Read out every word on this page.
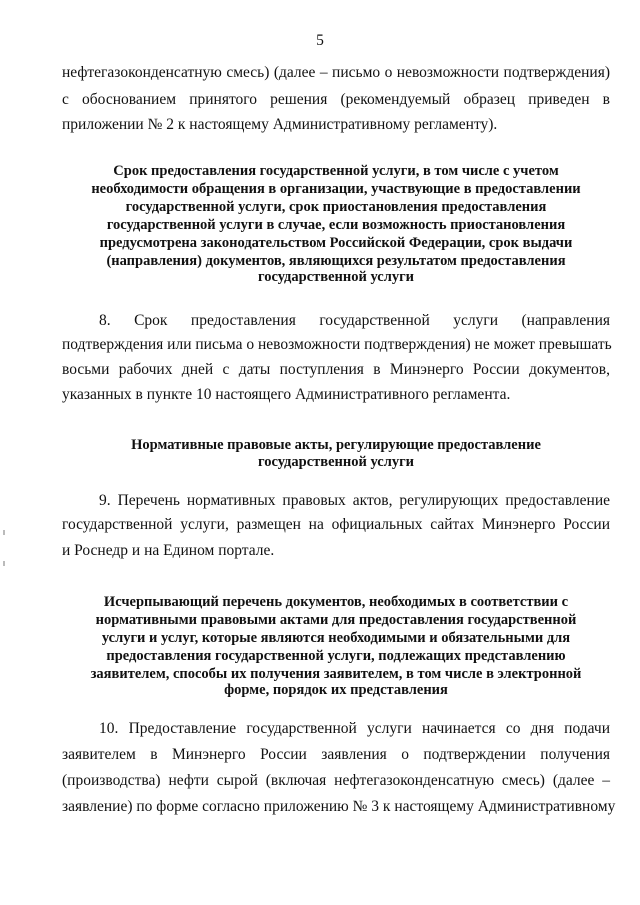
5
нефтегазоконденсатную смесь) (далее – письмо о невозможности подтверждения)
с обоснованием принятого решения (рекомендуемый образец приведен в
приложении № 2 к настоящему Административному регламенту).
Срок предоставления государственной услуги, в том числе с учетом
необходимости обращения в организации, участвующие в предоставлении
государственной услуги, срок приостановления предоставления
государственной услуги в случае, если возможность приостановления
предусмотрена законодательством Российской Федерации, срок выдачи
(направления) документов, являющихся результатом предоставления
государственной услуги
8. Срок предоставления государственной услуги (направления
подтверждения или письма о невозможности подтверждения) не может превышать
восьми рабочих дней с даты поступления в Минэнерго России документов,
указанных в пункте 10 настоящего Административного регламента.
Нормативные правовые акты, регулирующие предоставление
государственной услуги
9. Перечень нормативных правовых актов, регулирующих предоставление
государственной услуги, размещен на официальных сайтах Минэнерго России
и Роснедр и на Едином портале.
Исчерпывающий перечень документов, необходимых в соответствии с
нормативными правовыми актами для предоставления государственной
услуги и услуг, которые являются необходимыми и обязательными для
предоставления государственной услуги, подлежащих представлению
заявителем, способы их получения заявителем, в том числе в электронной
форме, порядок их представления
10. Предоставление государственной услуги начинается со дня подачи
заявителем в Минэнерго России заявления о подтверждении получения
(производства) нефти сырой (включая нефтегазоконденсатную смесь) (далее –
заявление) по форме согласно приложению № 3 к настоящему Административному
